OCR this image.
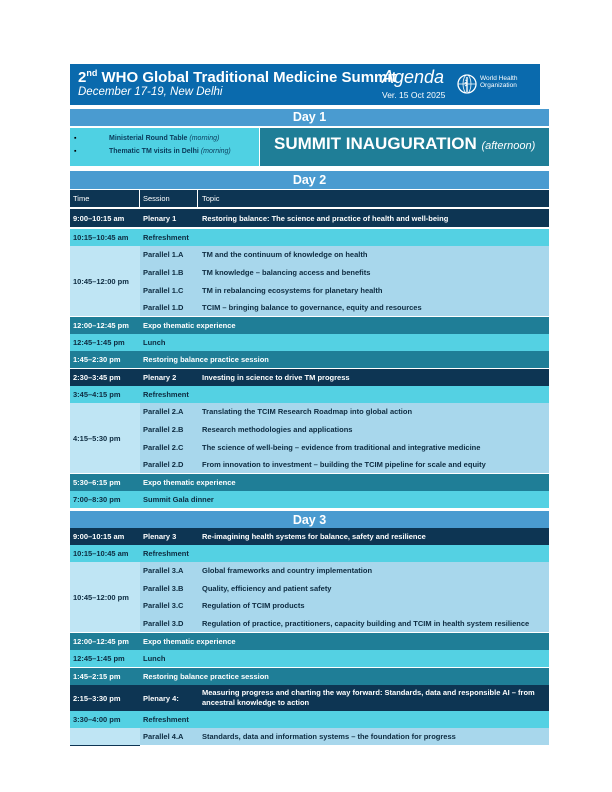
2nd WHO Global Traditional Medicine Summit
December 17-19, New Delhi
Agenda
Ver. 15 Oct 2025
World Health
Organization
Day 1
▪	Ministerial Round Table (morning)
▪	Thematic TM visits in Delhi (morning)	SUMMIT INAUGURATION (afternoon)
Day 2
Time	Session	Topic
9:00–10:15 am	Plenary 1	Restoring balance: The science and practice of health and well-being
10:15–10:45 am	Refreshment
10:45–12:00 pm
Parallel 1.A	TM and the continuum of knowledge on health
Parallel 1.B	TM knowledge – balancing access and benefits
Parallel 1.C	TM in rebalancing ecosystems for planetary health
Parallel 1.D	TCIM – bringing balance to governance, equity and resources
12:00–12:45 pm	Expo thematic experience
12:45–1:45 pm	Lunch
1:45–2:30 pm	Restoring balance practice session
2:30–3:45 pm	Plenary 2	Investing in science to drive TM progress
3:45–4:15 pm	Refreshment
4:15–5:30 pm
Parallel 2.A	Translating the TCIM Research Roadmap into global action
Parallel 2.B	Research methodologies and applications
Parallel 2.C	The science of well-being – evidence from traditional and integrative medicine
Parallel 2.D	From innovation to investment – building the TCIM pipeline for scale and equity
5:30–6:15 pm	Expo thematic experience
7:00–8:30 pm	Summit Gala dinner
Day 3
9:00–10:15 am	Plenary 3	Re-imagining health systems for balance, safety and resilience
10:15–10:45 am	Refreshment
10:45–12:00 pm
Parallel 3.A	Global frameworks and country implementation
Parallel 3.B	Quality, efficiency and patient safety
Parallel 3.C	Regulation of TCIM products
Parallel 3.D	Regulation of practice, practitioners, capacity building and TCIM in health system resilience
12:00–12:45 pm	Expo thematic experience
12:45–1:45 pm	Lunch
1:45–2:15 pm	Restoring balance practice session
2:15–3:30 pm	Plenary 4:
Measuring progress and charting the way forward: Standards, data and responsible AI – from
ancestral knowledge to action
3:30–4:00 pm	Refreshment
Parallel 4.A	Standards, data and information systems – the foundation for progress
